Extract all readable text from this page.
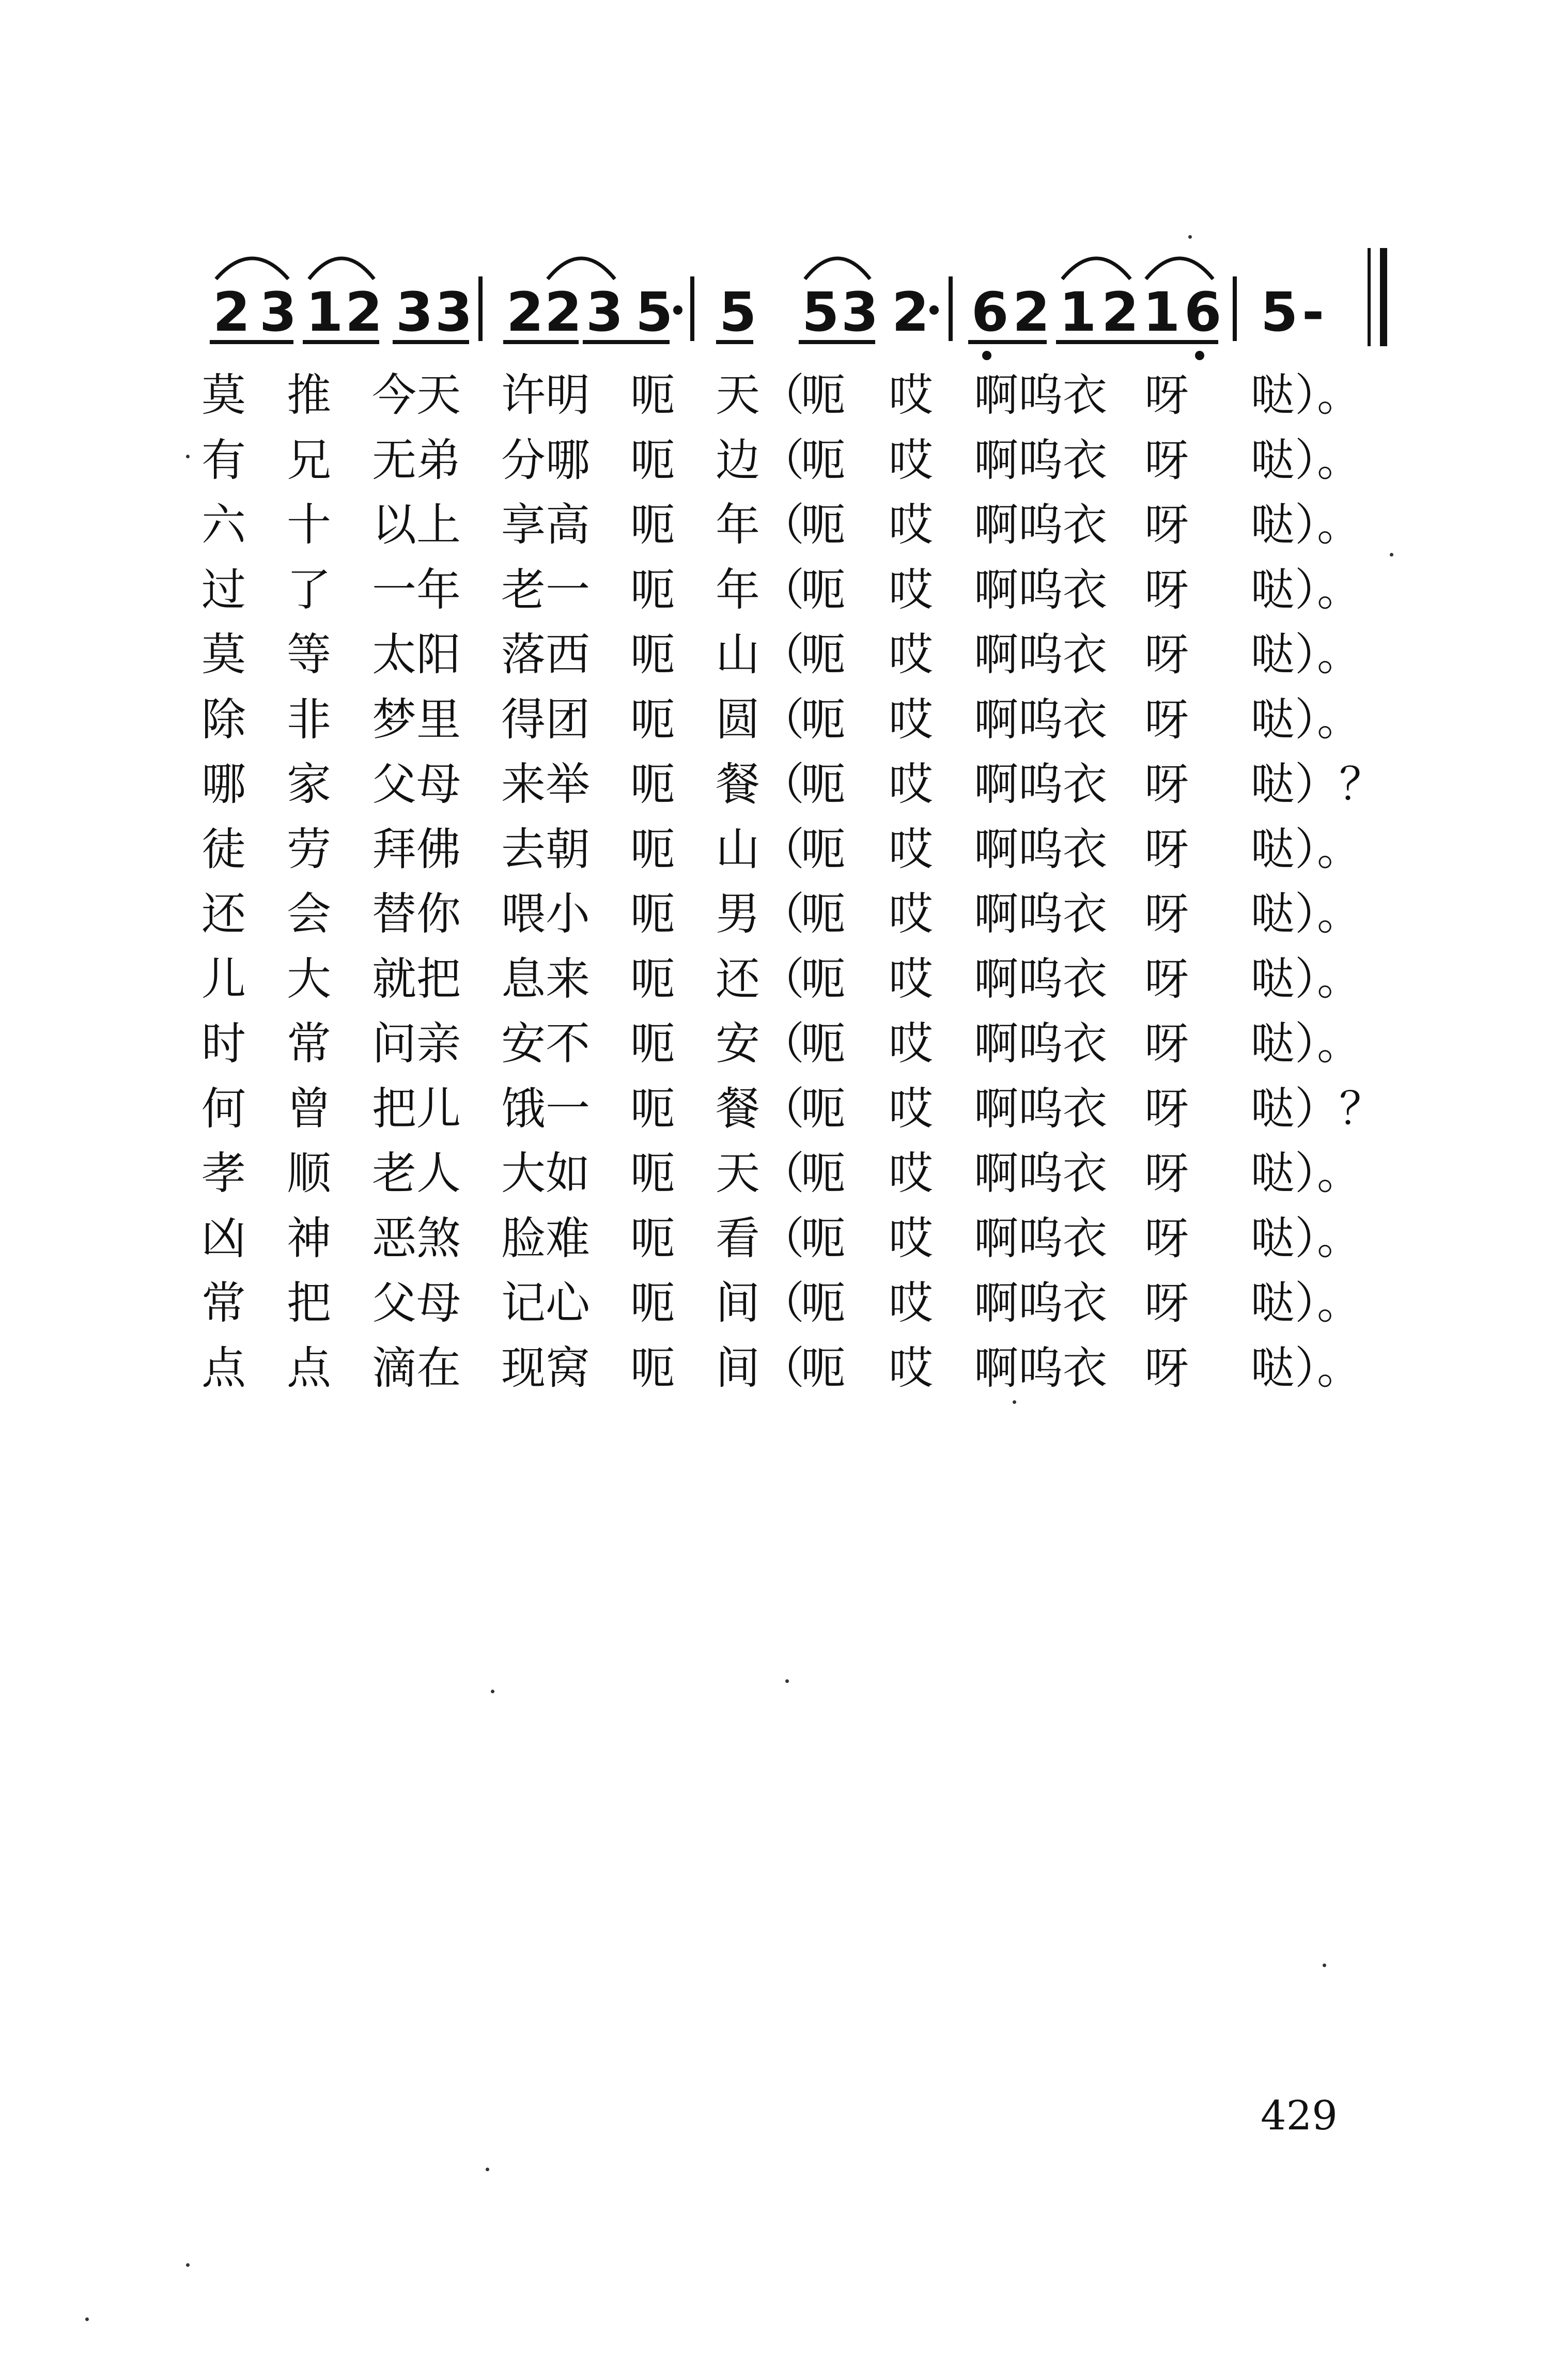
2 3 1 2 3 3 2 2 3 5 5 5 3 2 6 2 1 2 1 6 5 -
莫 推 今天 许明 呃 天（
呃 哎 啊呜衣 呀 哒）。
有 兄 无弟 分哪 呃 边（
呃 哎 啊呜衣 呀 哒）。
六 十 以上 享高 呃 年（
呃 哎 啊呜衣 呀 哒）。
过 了 一年 老一 呃 年（
呃 哎 啊呜衣 呀 哒）。
莫 等 太阳 落西 呃 山（
呃 哎 啊呜衣 呀 哒）。
除 非 梦里 得团 呃 圆（
呃 哎 啊呜衣 呀 哒）。
哪 家 父母 来举 呃 餐（
呃 哎 啊呜衣 呀 哒）？
徒 劳 拜佛 去朝 呃 山（
呃 哎 啊呜衣 呀 哒）。
还 会 替你 喂小 呃 男（
呃 哎 啊呜衣 呀 哒）。
儿 大 就把 息来 呃 还（
呃 哎 啊呜衣 呀 哒）。
时 常 问亲 安不 呃 安（
呃 哎 啊呜衣 呀 哒）。
何 曾 把儿 饿一 呃 餐（
呃 哎 啊呜衣 呀 哒）？
孝 顺 老人 大如 呃 天（
呃 哎 啊呜衣 呀 哒）。
凶 神 恶煞 脸难 呃 看（
呃 哎 啊呜衣 呀 哒）。
常 把 父母 记心 呃 间（
呃 哎 啊呜衣 呀 哒）。
点 点 滴在 现窝 呃 间（
呃 哎 啊呜衣 呀 哒）。
429
